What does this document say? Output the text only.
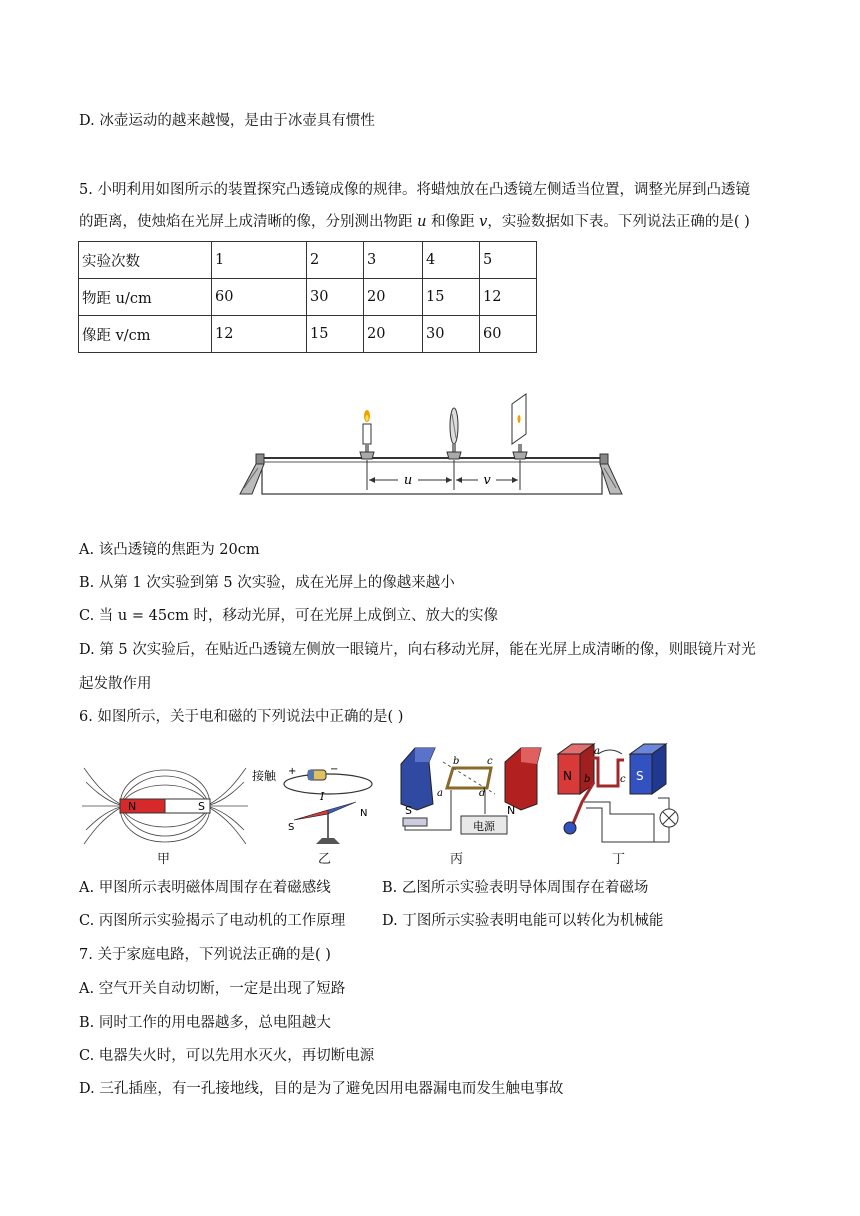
D. 冰壶运动的越来越慢，是由于冰壶具有惯性
5. 小明利用如图所示的装置探究凸透镜成像的规律。将蜡烛放在凸透镜左侧适当位置，调整光屏到凸透镜
的距离，使烛焰在光屏上成清晰的像，分别测出物距 u 和像距 v，实验数据如下表。下列说法正确的是( )
实验次数	1	2	3	4	5
物距 u/cm	60	30	20	15	12
像距 v/cm	12	15	20	30	60
u	v
A. 该凸透镜的焦距为 20cm
B. 从第 1 次实验到第 5 次实验，成在光屏上的像越来越小
C. 当 u = 45cm 时，移动光屏，可在光屏上成倒立、放大的实像
D. 第 5 次实验后，在贴近凸透镜左侧放一眼镜片，向右移动光屏，能在光屏上成清晰的像，则眼镜片对光
起发散作用
6. 如图所示，关于电和磁的下列说法中正确的是( )
N	S
甲
接触 +	−
I
S
N
乙
S	N
b	c
a	d
电源
丙
N	S
a
b	c
丁
A. 甲图所示表明磁体周围存在着磁感线	B. 乙图所示实验表明导体周围存在着磁场
C. 丙图所示实验揭示了电动机的工作原理	D. 丁图所示实验表明电能可以转化为机械能
7. 关于家庭电路，下列说法正确的是( )
A. 空气开关自动切断，一定是出现了短路
B. 同时工作的用电器越多，总电阻越大
C. 电器失火时，可以先用水灭火，再切断电源
D. 三孔插座，有一孔接地线，目的是为了避免因用电器漏电而发生触电事故
